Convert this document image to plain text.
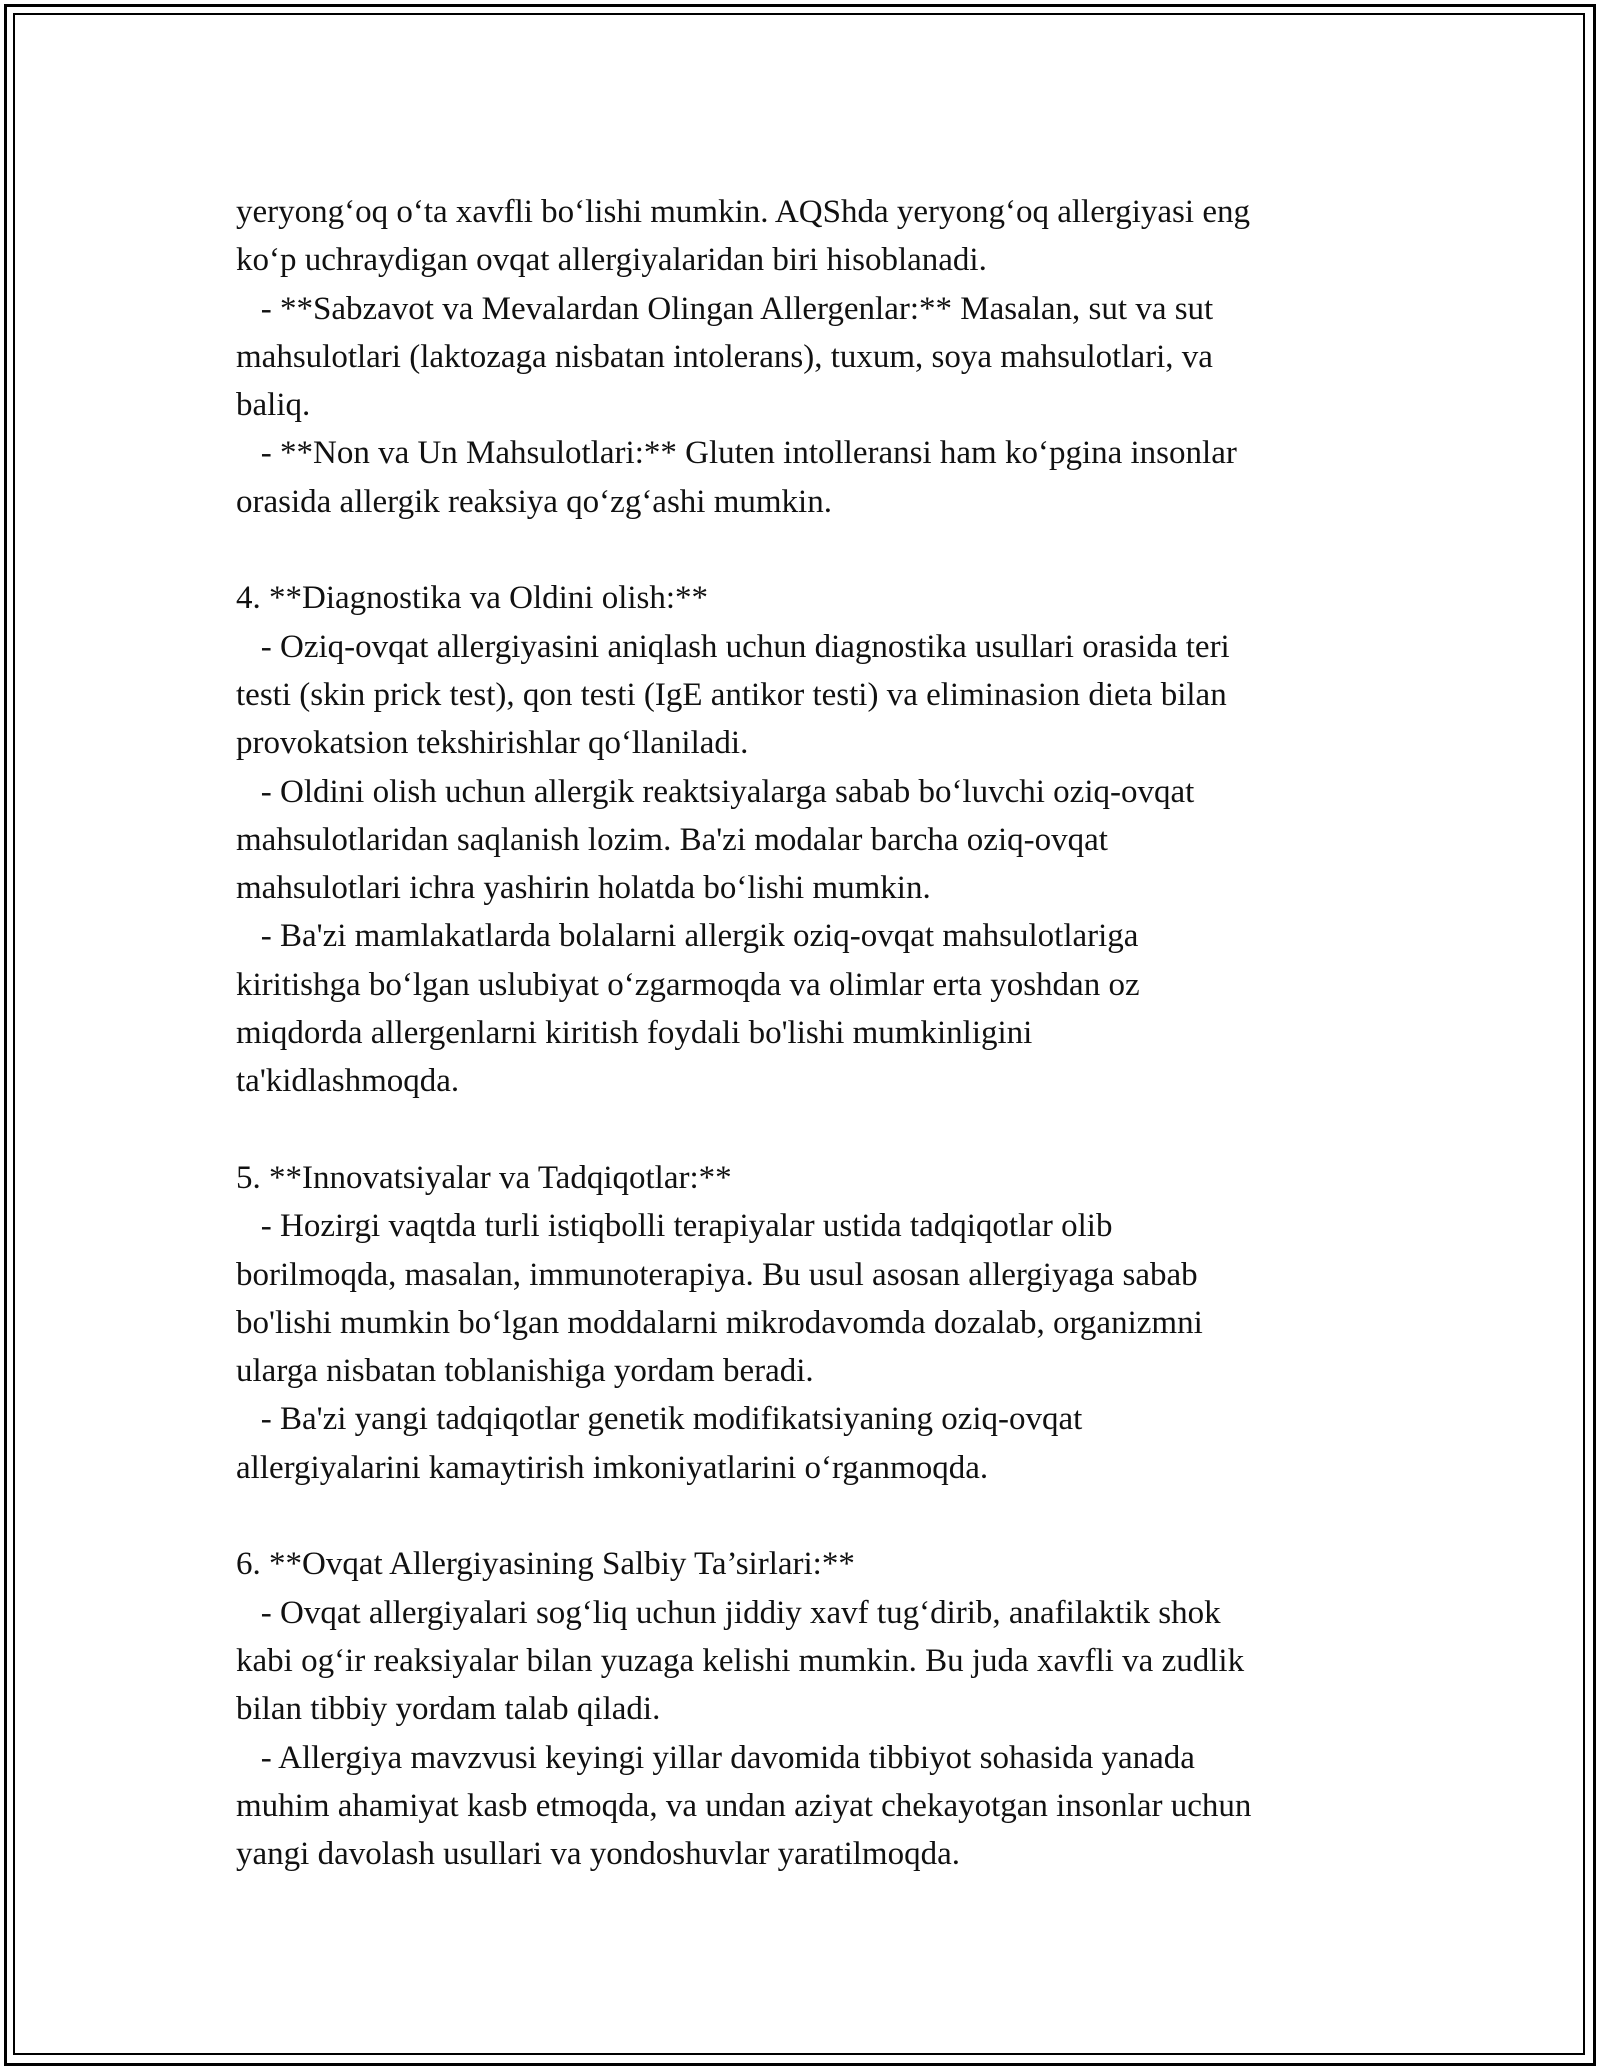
yeryong‘oq o‘ta xavfli bo‘lishi mumkin. AQShda yeryong‘oq allergiyasi eng
ko‘p uchraydigan ovqat allergiyalaridan biri hisoblanadi.
- **Sabzavot va Mevalardan Olingan Allergenlar:** Masalan, sut va sut
mahsulotlari (laktozaga nisbatan intolerans), tuxum, soya mahsulotlari, va
baliq.
- **Non va Un Mahsulotlari:** Gluten intolleransi ham ko‘pgina insonlar
orasida allergik reaksiya qo‘zg‘ashi mumkin.
4. **Diagnostika va Oldini olish:**
- Oziq-ovqat allergiyasini aniqlash uchun diagnostika usullari orasida teri
testi (skin prick test), qon testi (IgE antikor testi) va eliminasion dieta bilan
provokatsion tekshirishlar qo‘llaniladi.
- Oldini olish uchun allergik reaktsiyalarga sabab bo‘luvchi oziq-ovqat
mahsulotlaridan saqlanish lozim. Ba'zi modalar barcha oziq-ovqat
mahsulotlari ichra yashirin holatda bo‘lishi mumkin.
- Ba'zi mamlakatlarda bolalarni allergik oziq-ovqat mahsulotlariga
kiritishga bo‘lgan uslubiyat o‘zgarmoqda va olimlar erta yoshdan oz
miqdorda allergenlarni kiritish foydali bo'lishi mumkinligini
ta'kidlashmoqda.
5. **Innovatsiyalar va Tadqiqotlar:**
- Hozirgi vaqtda turli istiqbolli terapiyalar ustida tadqiqotlar olib
borilmoqda, masalan, immunoterapiya. Bu usul asosan allergiyaga sabab
bo'lishi mumkin bo‘lgan moddalarni mikrodavomda dozalab, organizmni
ularga nisbatan toblanishiga yordam beradi.
- Ba'zi yangi tadqiqotlar genetik modifikatsiyaning oziq-ovqat
allergiyalarini kamaytirish imkoniyatlarini o‘rganmoqda.
6. **Ovqat Allergiyasining Salbiy Ta’sirlari:**
- Ovqat allergiyalari sog‘liq uchun jiddiy xavf tug‘dirib, anafilaktik shok
kabi og‘ir reaksiyalar bilan yuzaga kelishi mumkin. Bu juda xavfli va zudlik
bilan tibbiy yordam talab qiladi.
- Allergiya mavzvusi keyingi yillar davomida tibbiyot sohasida yanada
muhim ahamiyat kasb etmoqda, va undan aziyat chekayotgan insonlar uchun
yangi davolash usullari va yondoshuvlar yaratilmoqda.
